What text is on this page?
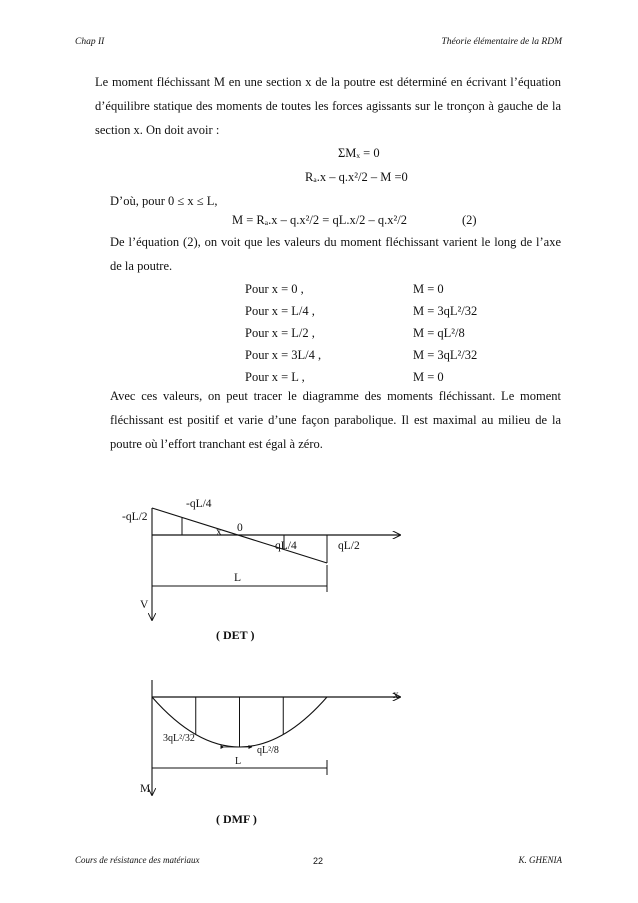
Chap II	Théorie élémentaire de la RDM
Le moment fléchissant M en une section x de la poutre est déterminé en écrivant l’équation d’équilibre statique des moments de toutes les forces agissants sur le tronçon à gauche de la section x. On doit avoir :
ΣMₓ = 0
Rₐ.x – q.x²/2 – M =0
D’où, pour 0 ≤ x ≤ L,
M = Rₐ.x – q.x²/2 = qL.x/2 – q.x²/2	(2)
De l’équation (2), on voit que les valeurs du moment fléchissant varient le long de l’axe de la poutre.
Pour x = 0 ,	M = 0
Pour x = L/4 ,	M = 3qL²/32
Pour x = L/2 ,	M = qL²/8
Pour x = 3L/4 ,	M = 3qL²/32
Pour x = L ,	M = 0
Avec ces valeurs, on peut tracer le diagramme des moments fléchissant. Le moment fléchissant est positif et varie d’une façon parabolique. Il est maximal au milieu de la poutre où l’effort tranchant est égal à zéro.
-qL/4
-qL/2
x 0
qL/4	qL/2
L
V
( DET )
x
3qL²/32
qL²/8
L
M
( DMF )
Cours de résistance des matériaux	22	K. GHENIA
